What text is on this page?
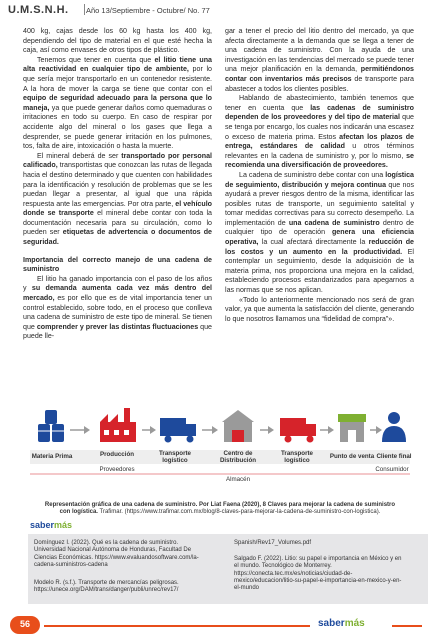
U.M.S.N.H. Año 13/Septiembre - Octubre/ No. 77

400 kg, cajas desde los 60 kg hasta los 400 kg, dependiendo del tipo de material en el que esté hecha la caja, así como envases de otros tipos de plástico.

Tenemos que tener en cuenta que el litio tiene una alta reactividad en cualquier tipo de ambiente, por lo que sería mejor transportarlo en un contenedor resistente. A la hora de mover la carga se tiene que contar con el equipo de seguridad adecuado para la persona que lo maneja, ya que puede generar daños como quemaduras o irritaciones en todo su cuerpo. En caso de respirar por accidente algo del mineral o los gases que llega a desprender, se puede generar irritación en los pulmones, tos, falta de aire, intoxicación o hasta la muerte.

El mineral deberá de ser transportado por personal calificado, transportistas que conozcan las rutas de llegada hacia el destino determinado y que cuenten con habilidades para la identificación y resolución de problemas que se les puedan llegar a presentar, al igual que una rápida respuesta ante las emergencias. Por otra parte, el vehículo donde se transporte el mineral debe contar con toda la documentación necesaria para su circulación, como lo pueden ser etiquetas de advertencia o documentos de seguridad.

Importancia del correcto manejo de una cadena de suministro

El litio ha ganado importancia con el paso de los años y su demanda aumenta cada vez más dentro del mercado, es por ello que es de vital importancia tener un control establecido, sobre todo, en el proceso que conlleva una cadena de suministro de este tipo de mineral. Se tienen que comprender y prever las distintas fluctuaciones que puede lle-

gar a tener el precio del litio dentro del mercado, ya que afecta directamente a la demanda que se llega a tener de una cadena de suministro. Con la ayuda de una investigación en las tendencias del mercado se puede tener una mejor planificación en la demanda, permitiéndonos contar con inventarios más precisos de transporte para abastecer a todos los clientes posibles.

Hablando de abastecimiento, también tenemos que tener en cuenta que las cadenas de suministro dependen de los proveedores y del tipo de material que se tenga por encargo, los cuales nos indicarán una escasez o exceso de materia prima. Estos afectan los plazos de entrega, estándares de calidad u otros términos relevantes en la cadena de suministro y, por lo mismo, se recomienda una diversificación de proveedores.

La cadena de suministro debe contar con una logística de seguimiento, distribución y mejora continua que nos ayudará a prever riesgos dentro de la misma, identificar las posibles rutas de transporte, un seguimiento satelital y tomar medidas correctivas para su correcto desempeño. La implementación de una cadena de suministro dentro de cualquier tipo de operación genera una eficiencia operativa, la cual afectará directamente la reducción de los costos y un aumento en la productividad. El contemplar un seguimiento, desde la adquisición de la materia prima, nos proporciona una mejora en la calidad, estableciendo procesos estandarizados para apegarnos a las normas que se nos aplican.

«Todo lo anteriormente mencionado nos será de gran valor, ya que aumenta la satisfacción del cliente, generando lo que nosotros llamamos una “fidelidad de compra”».

Materia Prima	Producción	Transporte logístico
Centro de Distribución
Transporte logístico
Punto de venta Cliente final
Proveedores
Almacén
Consumidor
Representación gráfica de una cadena de suministro. Por Liat Faena (2020), 8 Claves para mejorar la cadena de suministro con logística. Trafimar. (https://www.trafimar.com.mx/blog/8-claves-para-mejorar-la-cadena-de-suministro-con-logistica).
sabermás
Domínguez I. (2022). Qué es la cadena de suministro. Universidad Nacional Autónoma de Honduras, Facultad De Ciencias Económicas. https://www.evaluandosoftware.com/la-cadena-suministros-cadena
Modelo R. (s.f.). Transporte de mercancías peligrosas. https://unece.org/DAM/trans/danger/publi/unrec/rev17/
Spanish/Rev17_Volumes.pdf
Salgado F. (2022). Litio: su papel e importancia en México y en el mundo. Tecnológico de Monterrey. https://conecta.tec.mx/es/noticias/ciudad-de-mexico/educacion/litio-su-papel-e-importancia-en-mexico-y-en-el-mundo
56	sabermás
